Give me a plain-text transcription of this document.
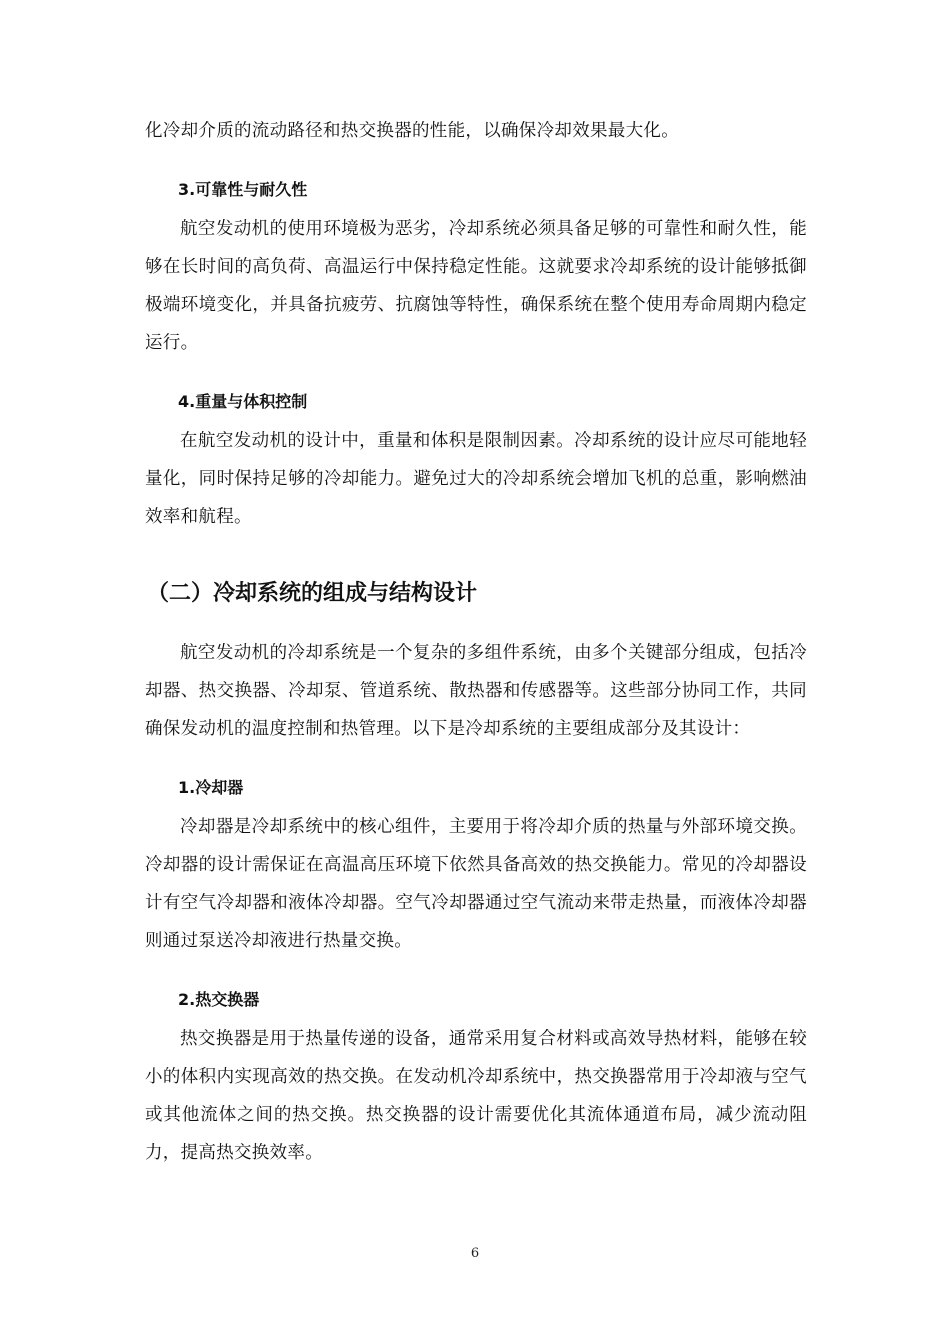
化冷却介质的流动路径和热交换器的性能，以确保冷却效果最大化。

3.可靠性与耐久性

航空发动机的使用环境极为恶劣，冷却系统必须具备足够的可靠性和耐久性，能够在长时间的高负荷、高温运行中保持稳定性能。这就要求冷却系统的设计能够抵御极端环境变化，并具备抗疲劳、抗腐蚀等特性，确保系统在整个使用寿命周期内稳定运行。

4.重量与体积控制

在航空发动机的设计中，重量和体积是限制因素。冷却系统的设计应尽可能地轻量化，同时保持足够的冷却能力。避免过大的冷却系统会增加飞机的总重，影响燃油效率和航程。

（二）冷却系统的组成与结构设计

航空发动机的冷却系统是一个复杂的多组件系统，由多个关键部分组成，包括冷却器、热交换器、冷却泵、管道系统、散热器和传感器等。这些部分协同工作，共同确保发动机的温度控制和热管理。以下是冷却系统的主要组成部分及其设计：

1.冷却器

冷却器是冷却系统中的核心组件，主要用于将冷却介质的热量与外部环境交换。冷却器的设计需保证在高温高压环境下依然具备高效的热交换能力。常见的冷却器设计有空气冷却器和液体冷却器。空气冷却器通过空气流动来带走热量，而液体冷却器则通过泵送冷却液进行热量交换。

2.热交换器

热交换器是用于热量传递的设备，通常采用复合材料或高效导热材料，能够在较小的体积内实现高效的热交换。在发动机冷却系统中，热交换器常用于冷却液与空气或其他流体之间的热交换。热交换器的设计需要优化其流体通道布局，减少流动阻力，提高热交换效率。

6
